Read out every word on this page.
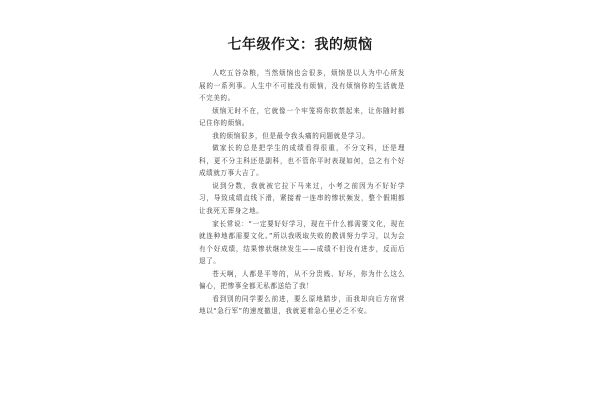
七年级作文：我的烦恼

人吃五谷杂粮，当然烦恼也会很多，烦恼是以人为中心所发展的一系列事。人生中不可能没有烦恼，没有烦恼你的生活就是不完美的。

烦恼无时不在，它就像一个牢笼将你软禁起来，让你随时都记住你的烦恼。

我的烦恼很多，但是最令我头痛的问题就是学习。

做家长的总是把学生的成绩看得很重，不分文科，还是理科，更不分主科还是副科，也不管你平时表现如何，总之有个好成绩就万事大吉了。

说到分数，我就被它拉下马来过，小考之前因为不好好学习，导致成绩直线下滑，紧接着一连串的惨状频发，整个假期都让我死无葬身之地。

家长常说：“一定要好好学习，现在干什么都需要文化，现在就连种地都需要文化。”所以我吸取失败的教训努力学习，以为会有个好成绩，结果惨状继续发生——成绩不但没有进步，反而后退了。

苍天啊，人都是平等的，从不分贵贱、好坏，你为什么这么偏心，把惨事全都无私都送给了我！

看到别的同学要么前进，要么原地踏步，而我却向后方宿营地以“急行军”的速度撤退，我就更着急心里必乏不安。
